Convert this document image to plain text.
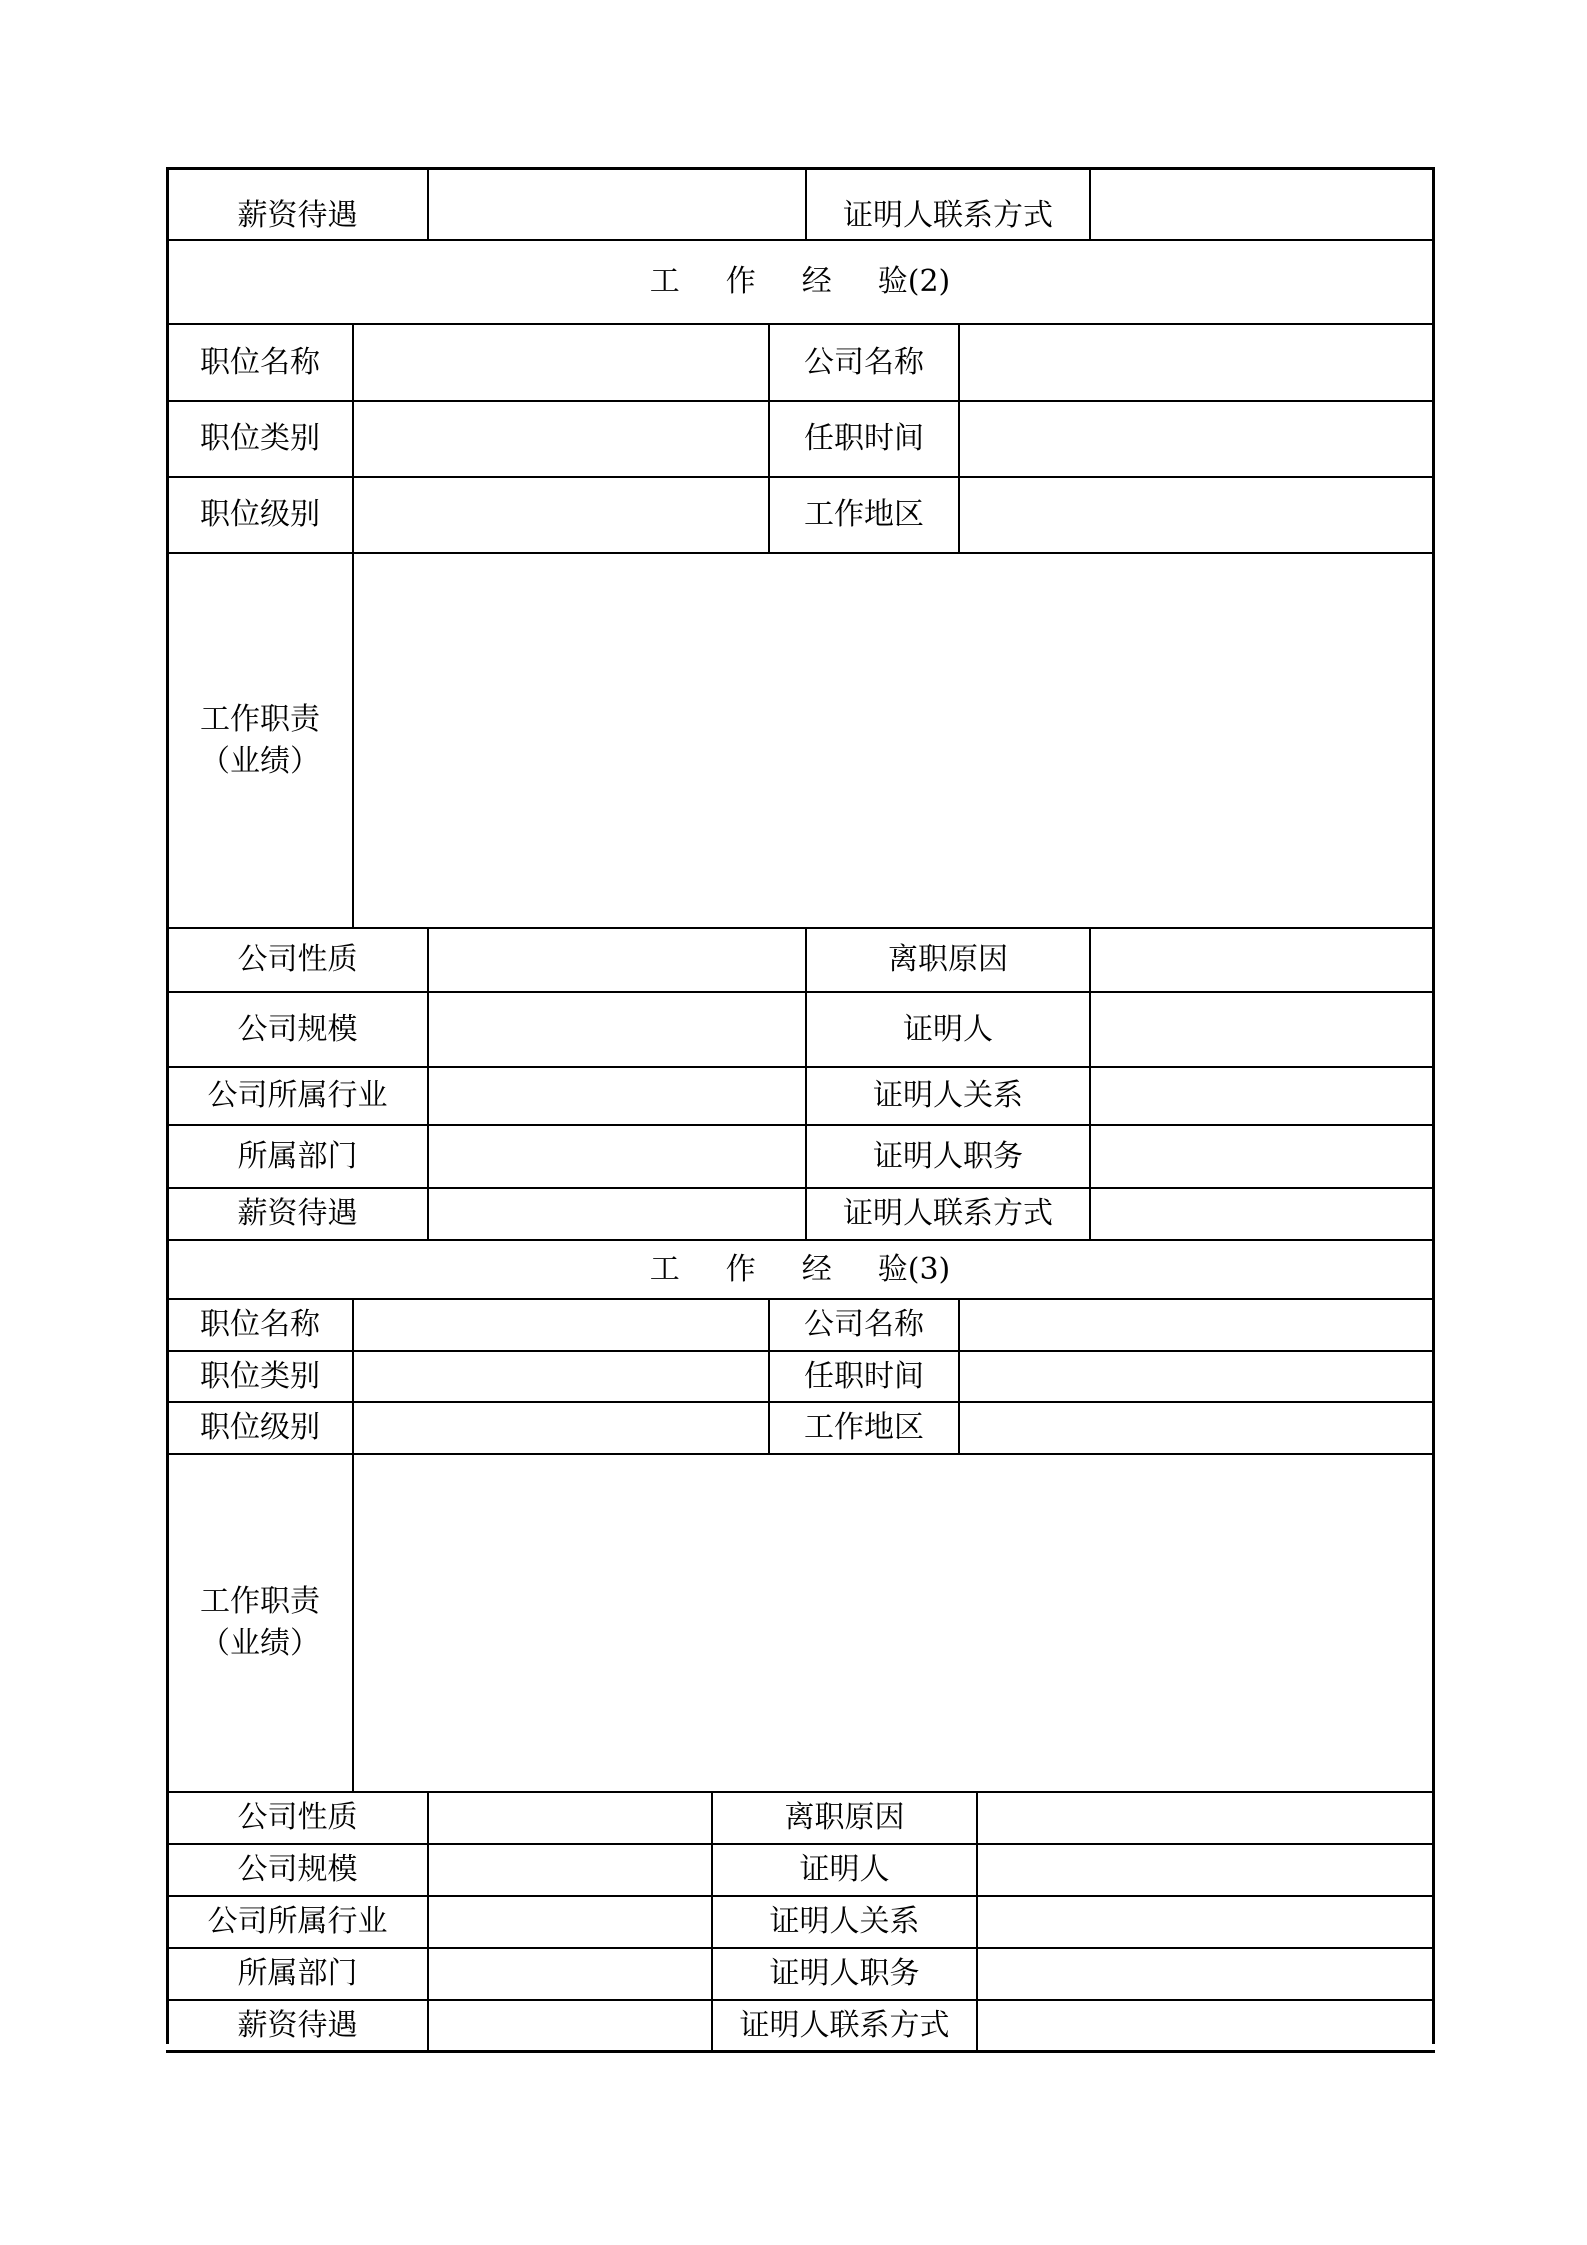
薪资待遇	证明人联系方式
工 作 经 验 (2)
职位名称	公司名称
职位类别	任职时间
职位级别	工作地区
工作职责
（业绩）
公司性质	离职原因
公司规模	证明人
公司所属行业	证明人关系
所属部门	证明人职务
薪资待遇	证明人联系方式
工 作 经 验 (3)
职位名称	公司名称
职位类别	任职时间
职位级别	工作地区
工作职责
（业绩）
公司性质	离职原因
公司规模	证明人
公司所属行业	证明人关系
所属部门	证明人职务
薪资待遇	证明人联系方式
